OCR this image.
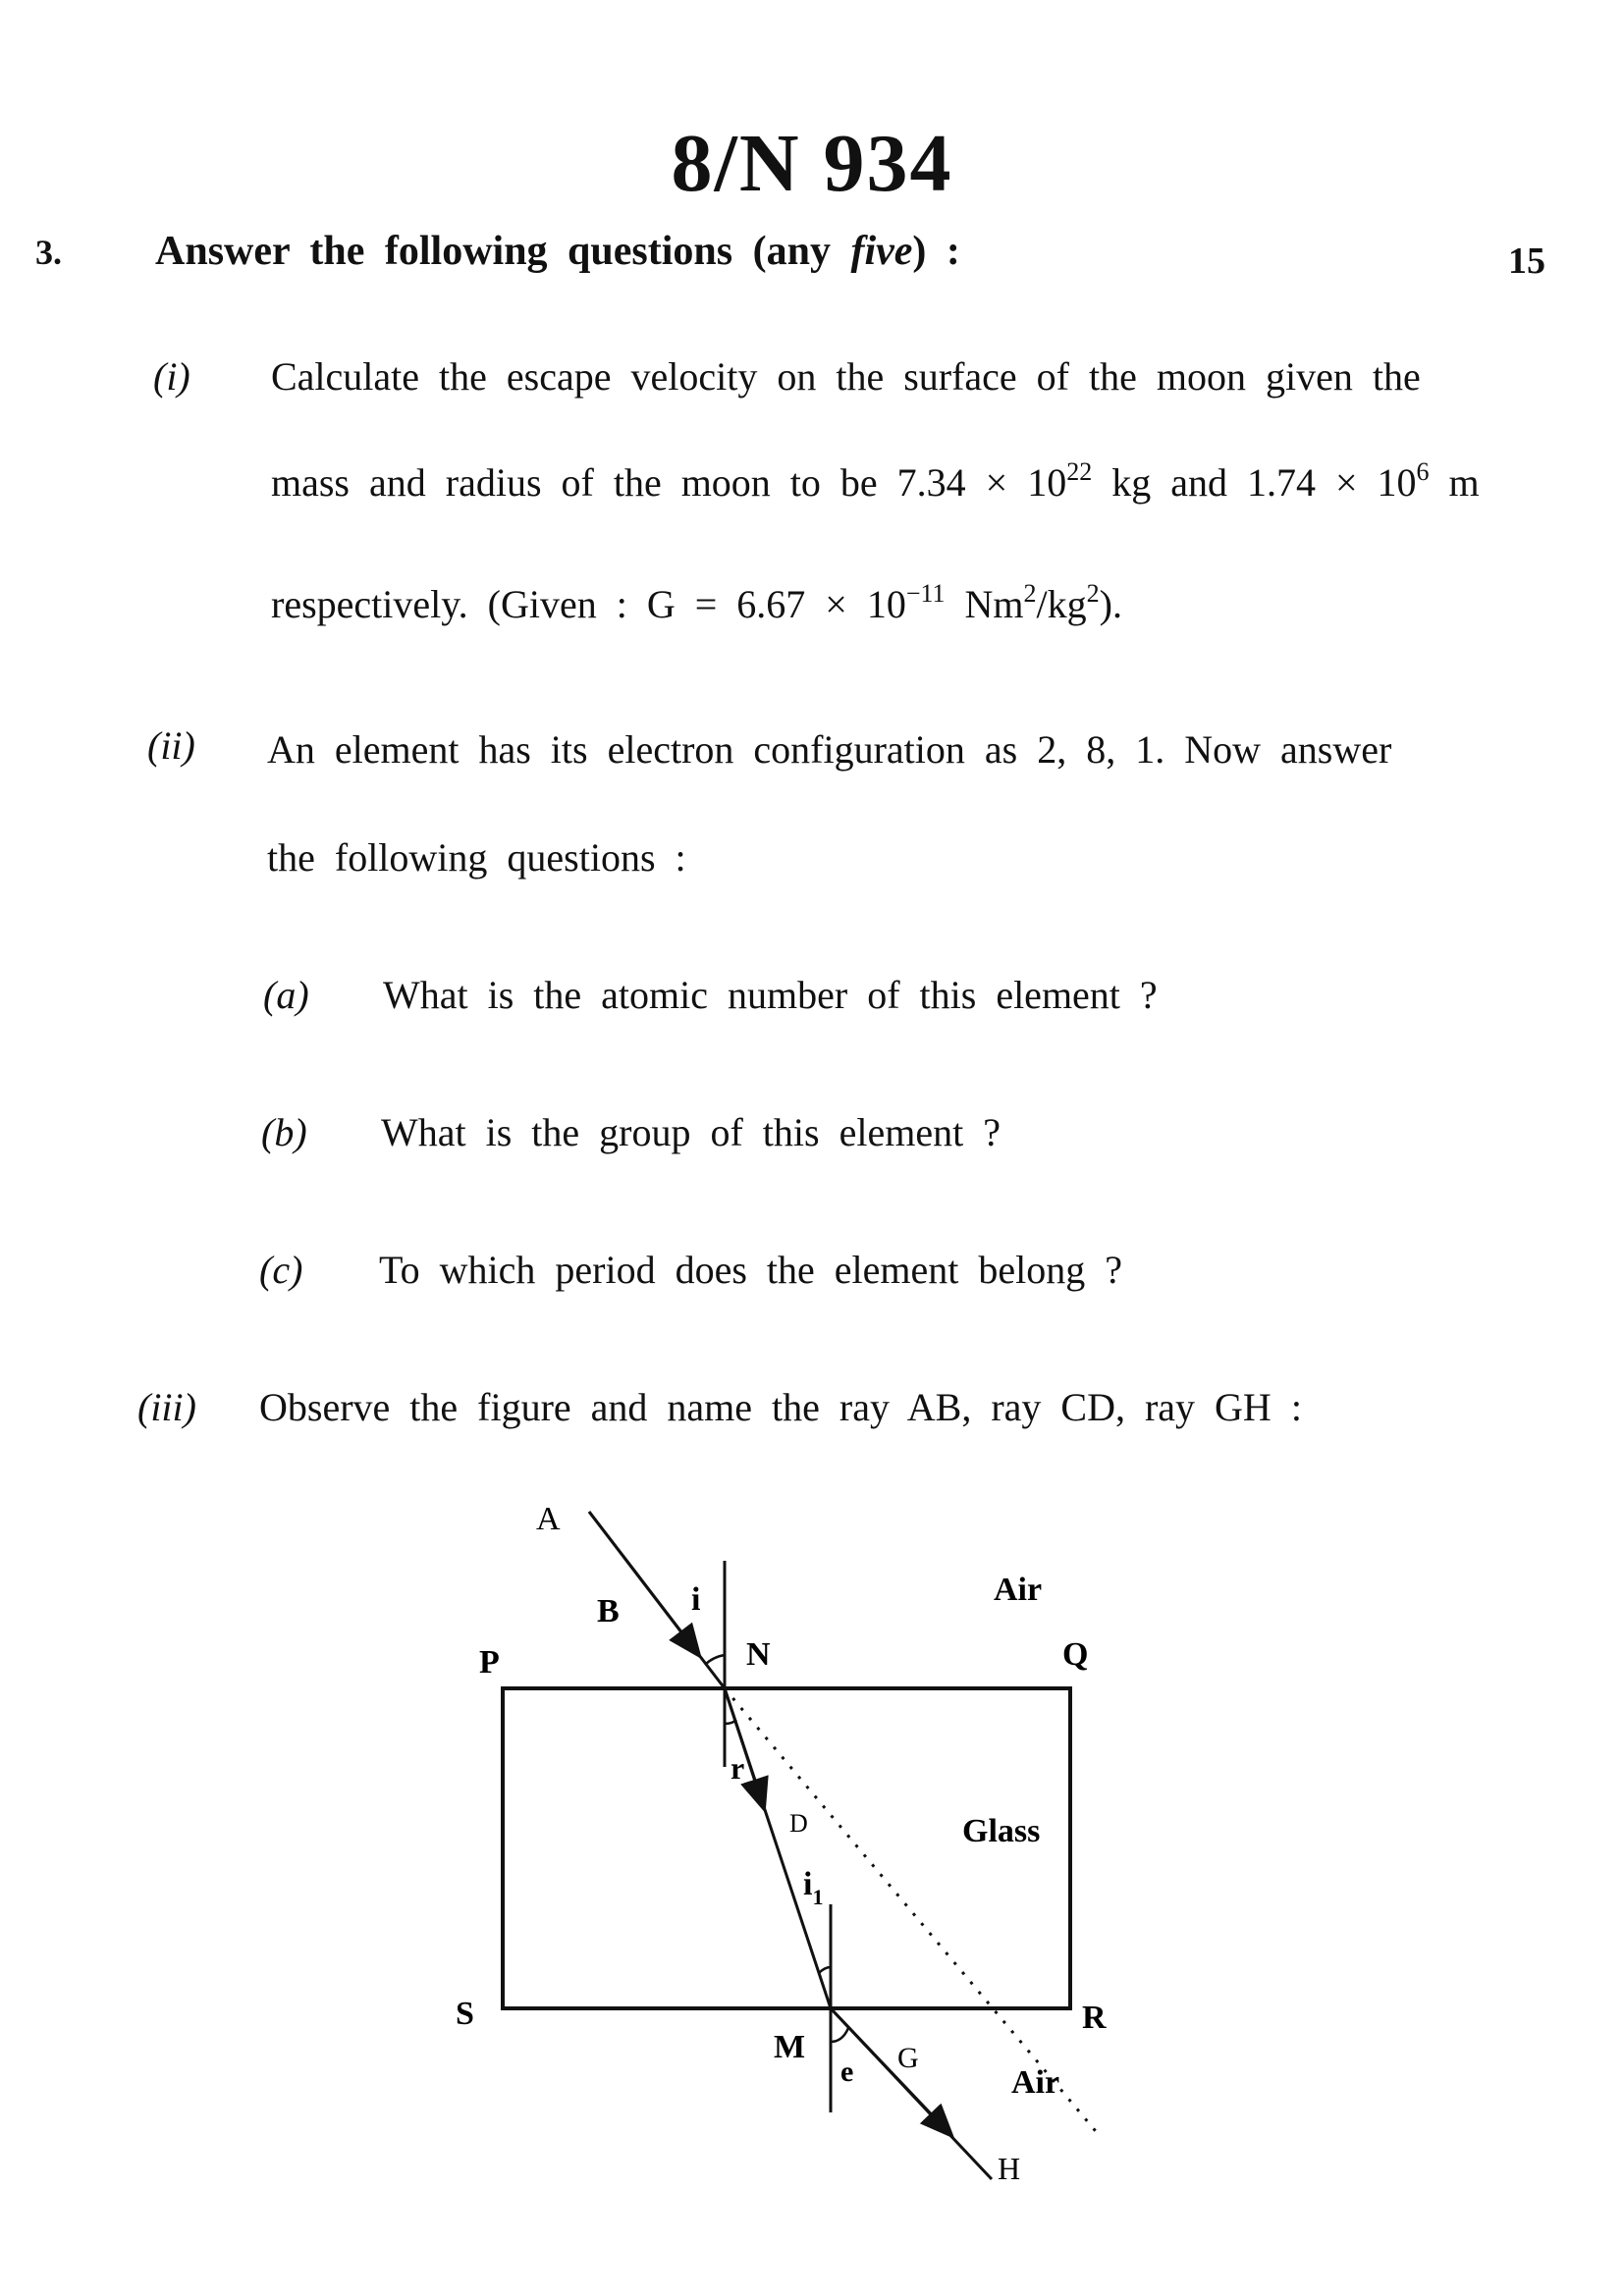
8/N 934
3. Answer the following questions (any five) :	15
(i) Calculate the escape velocity on the surface of the moon given the
mass and radius of the moon to be $7.34 \times 10^{22}$ kg and $1.74 \times 10^6$ m
respectively. (Given : $G = 6.67 \times 10^{-11}$ $Nm^2/kg^2$).
(ii) An element has its electron configuration as 2, 8, 1. Now answer
the following questions :
(a) What is the atomic number of this element ?
(b) What is the group of this element ?
(c) To which period does the element belong ?
(iii) Observe the figure and name the ray AB, ray CD, ray GH :
A
B i
N
Air
P	Q
r
D	Glass
$i_1$
S	R
M
e G
Air
H
